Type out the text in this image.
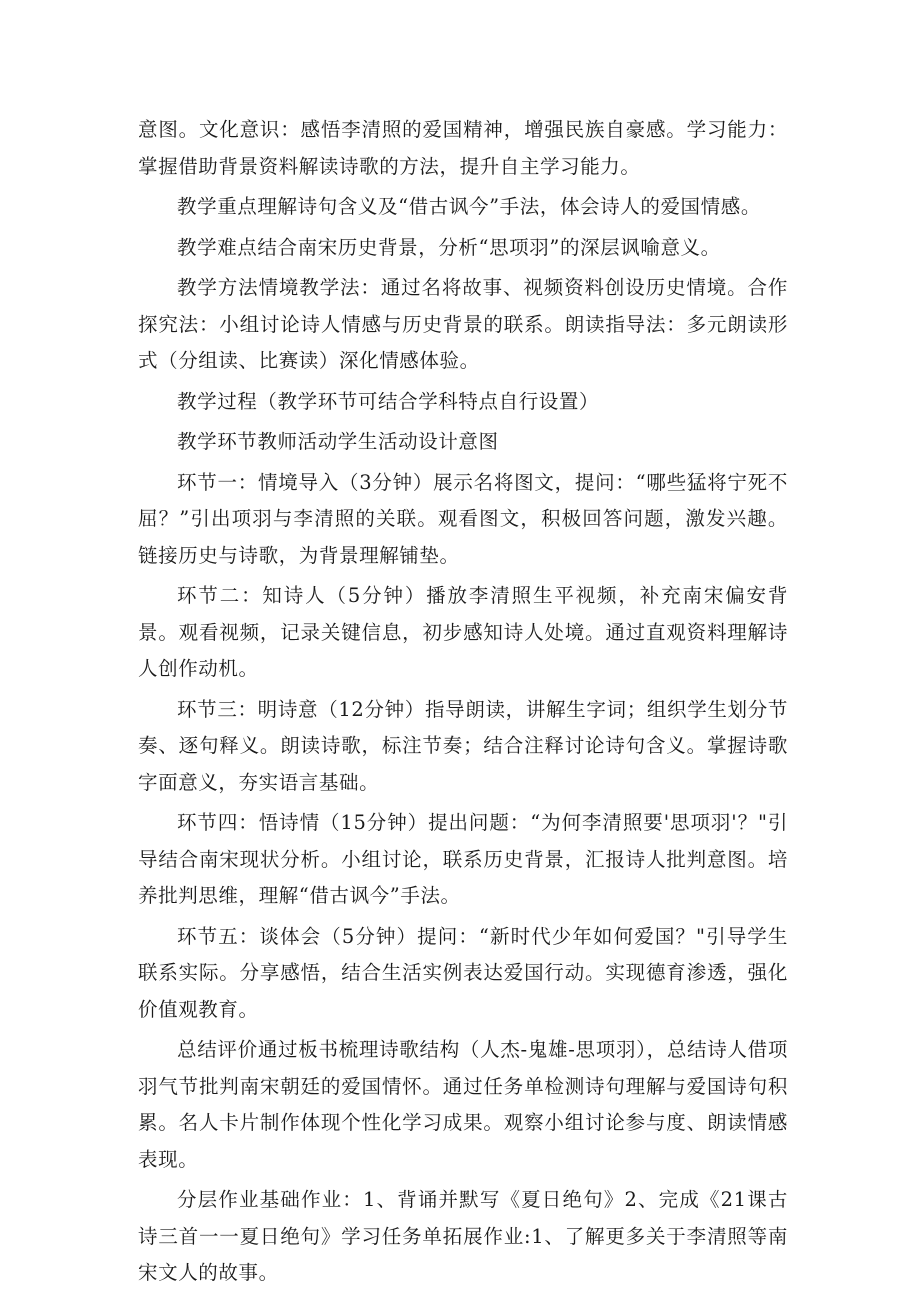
意图。文化意识：感悟李清照的爱国精神，增强民族自豪感。学习能力：掌握借助背景资料解读诗歌的方法，提升自主学习能力。

教学重点理解诗句含义及“借古讽今”手法，体会诗人的爱国情感。

教学难点结合南宋历史背景，分析“思项羽”的深层讽喻意义。

教学方法情境教学法：通过名将故事、视频资料创设历史情境。合作探究法：小组讨论诗人情感与历史背景的联系。朗读指导法：多元朗读形式（分组读、比赛读）深化情感体验。

教学过程（教学环节可结合学科特点自行设置）

教学环节教师活动学生活动设计意图

环节一：情境导入（3分钟）展示名将图文，提问：“哪些猛将宁死不屈？”引出项羽与李清照的关联。观看图文，积极回答问题，激发兴趣。链接历史与诗歌，为背景理解铺垫。

环节二：知诗人（5分钟）播放李清照生平视频，补充南宋偏安背景。观看视频，记录关键信息，初步感知诗人处境。通过直观资料理解诗人创作动机。

环节三：明诗意（12分钟）指导朗读，讲解生字词；组织学生划分节奏、逐句释义。朗读诗歌，标注节奏；结合注释讨论诗句含义。掌握诗歌字面意义，夯实语言基础。

环节四：悟诗情（15分钟）提出问题：“为何李清照要'思项羽'？"引导结合南宋现状分析。小组讨论，联系历史背景，汇报诗人批判意图。培养批判思维，理解“借古讽今”手法。

环节五：谈体会（5分钟）提问：“新时代少年如何爱国？"引导学生联系实际。分享感悟，结合生活实例表达爱国行动。实现德育渗透，强化价值观教育。

总结评价通过板书梳理诗歌结构（人杰-鬼雄-思项羽），总结诗人借项羽气节批判南宋朝廷的爱国情怀。通过任务单检测诗句理解与爱国诗句积累。名人卡片制作体现个性化学习成果。观察小组讨论参与度、朗读情感表现。

分层作业基础作业：1、背诵并默写《夏日绝句》2、完成《21课古诗三首一一夏日绝句》学习任务单拓展作业:1、了解更多关于李清照等南宋文人的故事。
